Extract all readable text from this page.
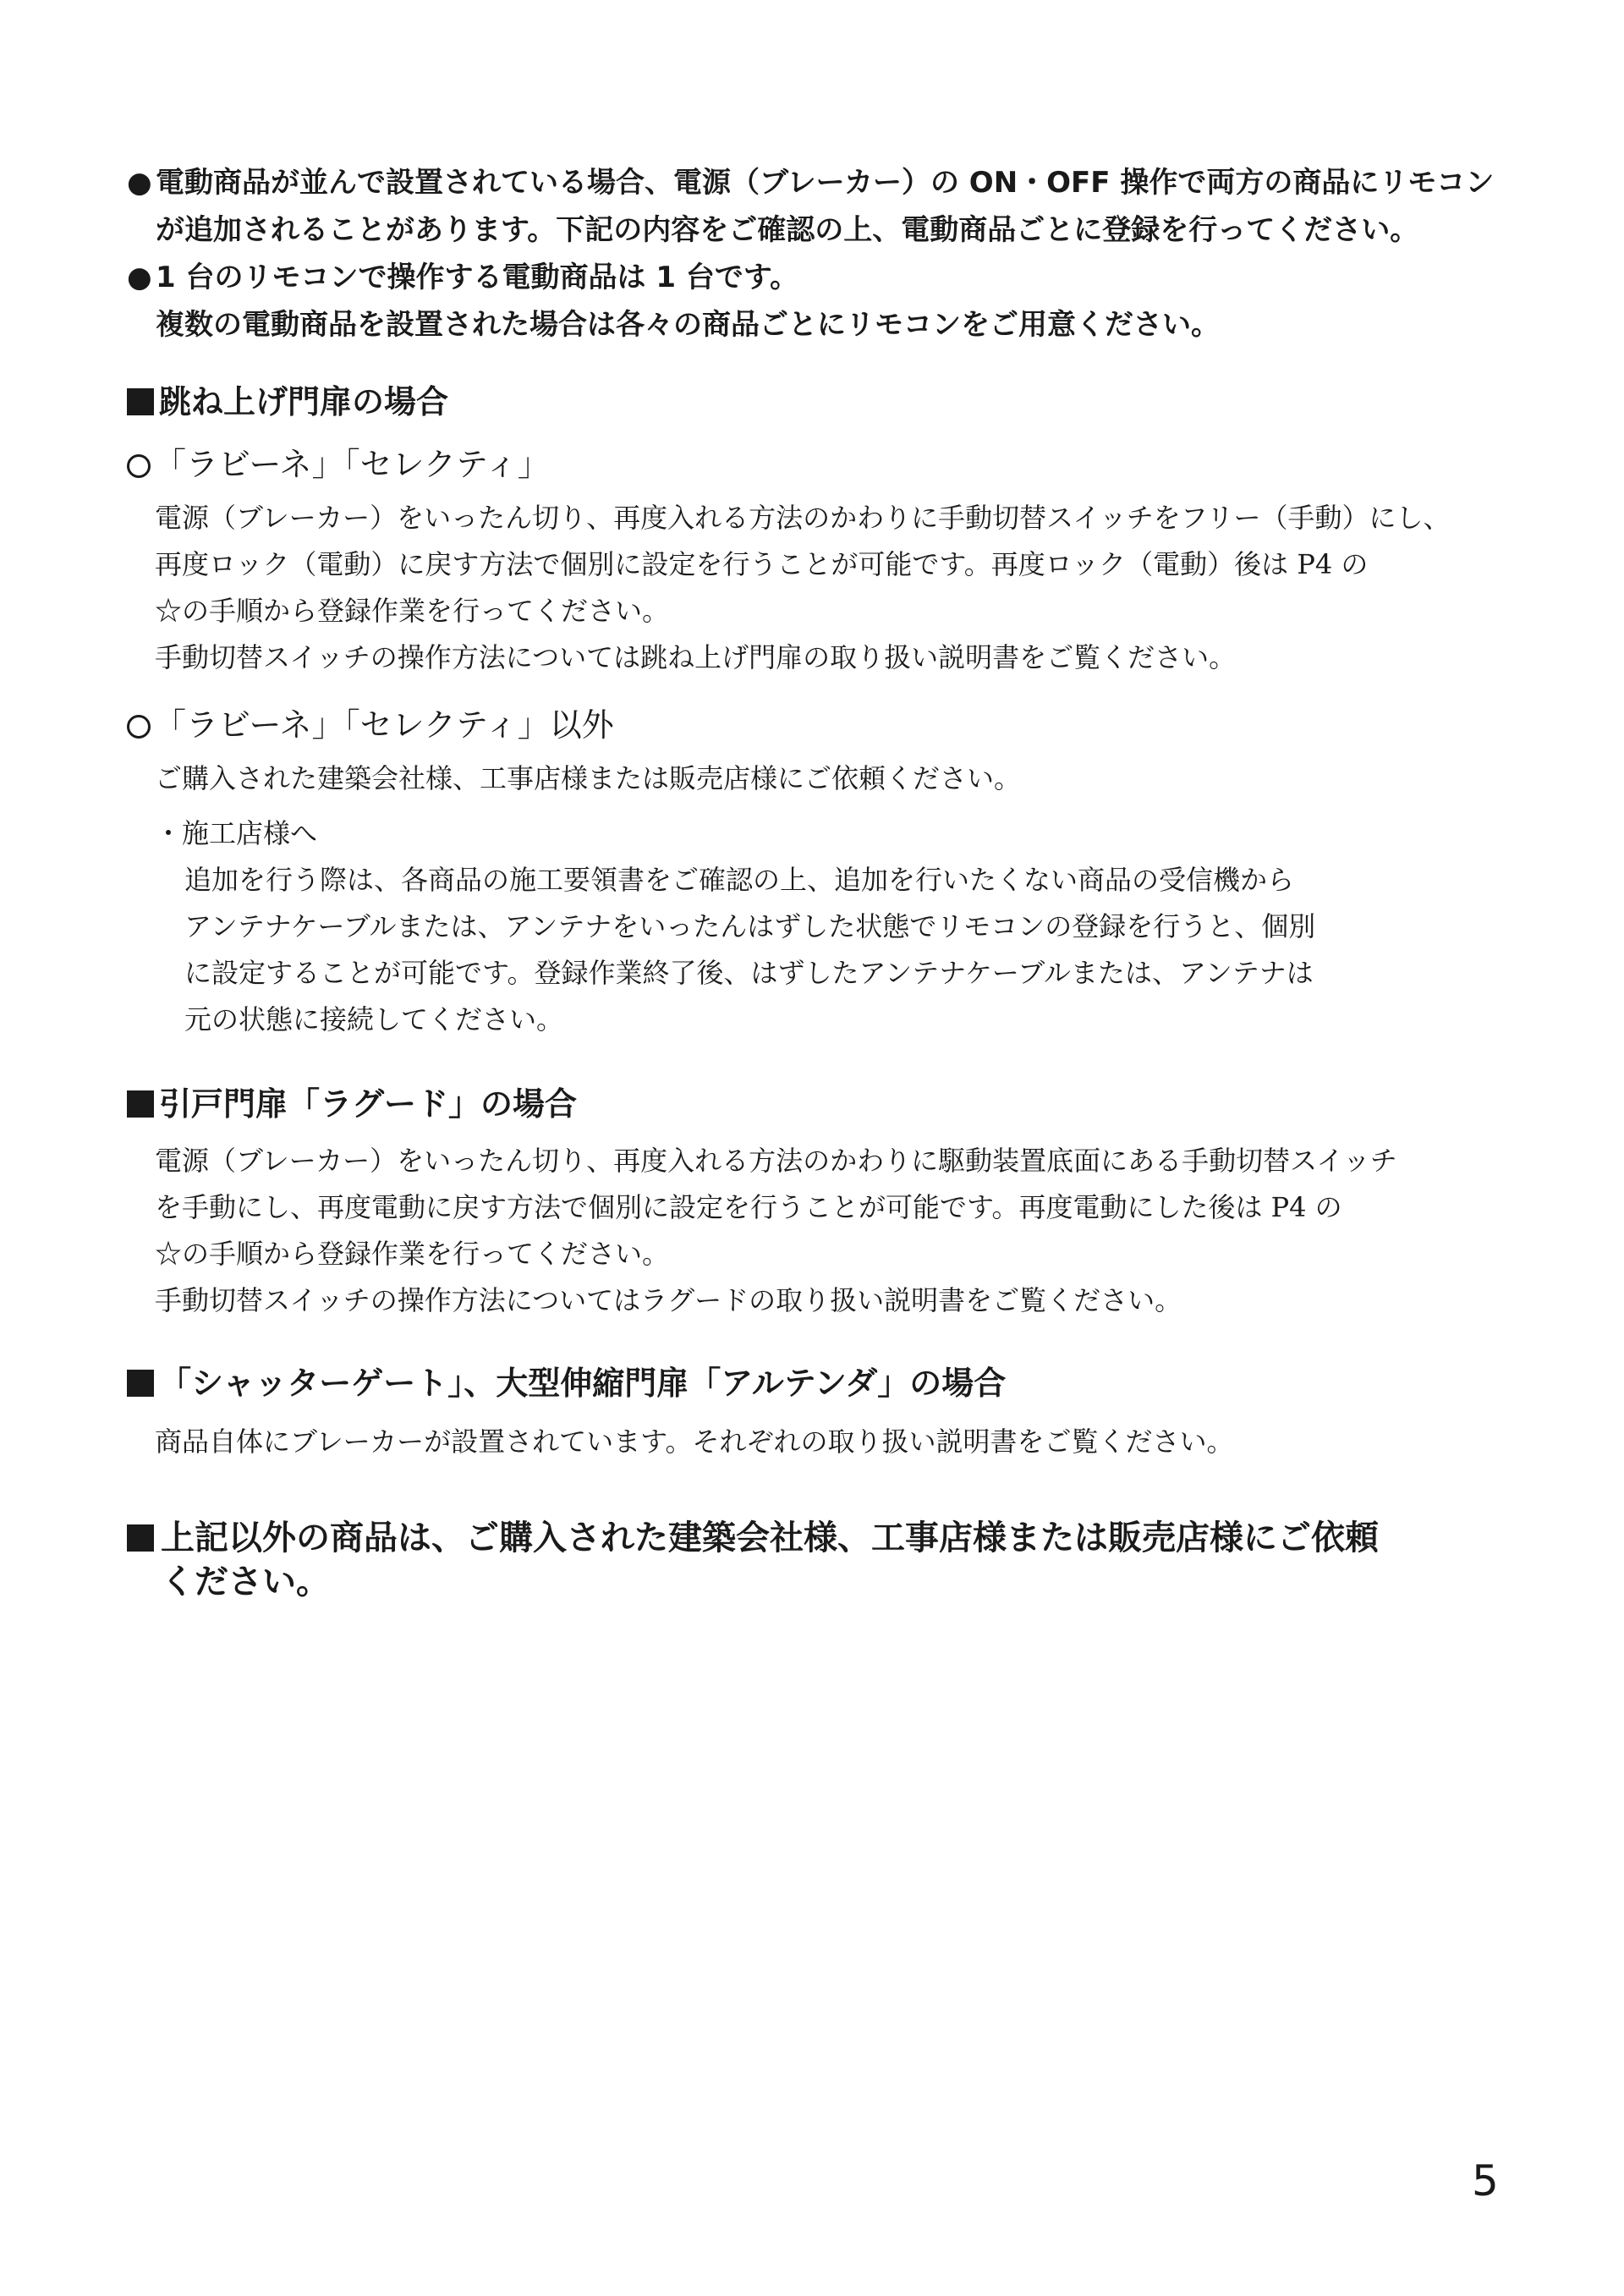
● 電動商品が並んで設置されている場合、電源（ブレーカー）の ON・OFF 操作で両方の商品にリモコン
が追加されることがあります。下記の内容をご確認の上、電動商品ごとに登録を行ってください。
● 1 台のリモコンで操作する電動商品は 1 台です。
複数の電動商品を設置された場合は各々の商品ごとにリモコンをご用意ください。
跳ね上げ門扉の場合
「ラビーネ」「セレクティ」
電源（ブレーカー）をいったん切り、再度入れる方法のかわりに手動切替スイッチをフリー（手動）にし、
再度ロック（電動）に戻す方法で個別に設定を行うことが可能です。再度ロック（電動）後は P4 の
☆の手順から登録作業を行ってください。
手動切替スイッチの操作方法については跳ね上げ門扉の取り扱い説明書をご覧ください。
「ラビーネ」「セレクティ」以外
ご購入された建築会社様、工事店様または販売店様にご依頼ください。
・施工店様へ
追加を行う際は、各商品の施工要領書をご確認の上、追加を行いたくない商品の受信機から
アンテナケーブルまたは、アンテナをいったんはずした状態でリモコンの登録を行うと、個別
に設定することが可能です。登録作業終了後、はずしたアンテナケーブルまたは、アンテナは
元の状態に接続してください。
引戸門扉「ラグード」の場合
電源（ブレーカー）をいったん切り、再度入れる方法のかわりに駆動装置底面にある手動切替スイッチ
を手動にし、再度電動に戻す方法で個別に設定を行うことが可能です。再度電動にした後は P4 の
☆の手順から登録作業を行ってください。
手動切替スイッチの操作方法についてはラグードの取り扱い説明書をご覧ください。
「シャッターゲート」、大型伸縮門扉「アルテンダ」の場合
商品自体にブレーカーが設置されています。それぞれの取り扱い説明書をご覧ください。
上記以外の商品は、ご購入された建築会社様、工事店様または販売店様にご依頼
ください。
5
